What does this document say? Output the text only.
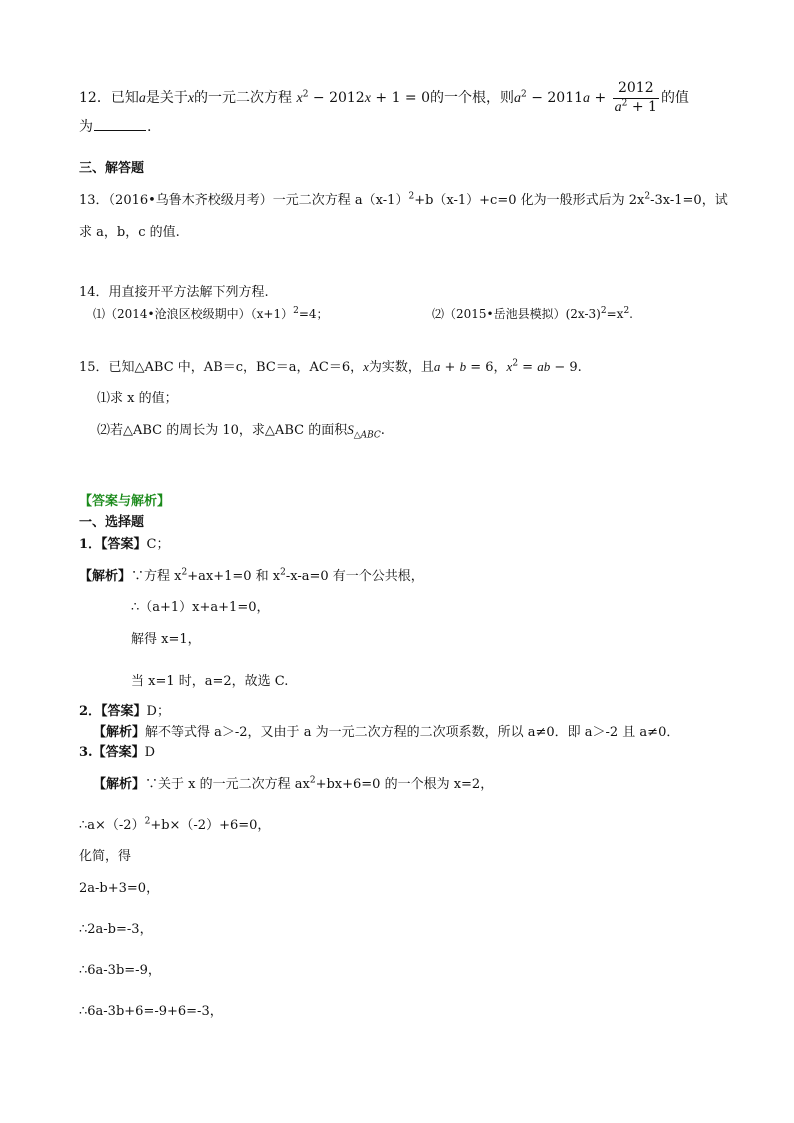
12．已知a是关于x的一元二次方程 $x^2 - 2012x + 1 = 0$的一个根，则$a^2 - 2011a + \frac{2012}{a^2 + 1}$ 的值
为	.
三、解答题
13．（2016•乌鲁木齐校级月考）一元二次方程 $a(x-1)^2+b(x-1)+c=0$ 化为一般形式后为 $2x^2-3x-1=0$，试
求 a，b，c 的值.
14．用直接开平方法解下列方程.
⑴（2014•沧浪区校级期中）$(x+1)^2=4$；	⑵（2015•岳池县模拟）$(2x-3)^2=x^2$.
15．已知△ABC 中，AB＝c，BC＝a，AC＝6，x为实数，且a + b = 6，$x^2$ = ab − 9.
⑴求 x 的值；
⑵若△ABC 的周长为 10，求△ABC 的面积$S_{\triangle ABC}$.
【答案与解析】
一、选择题
1．【答案】C；
【解析】∵方程 $x^2+ax+1=0$ 和 $x^2-x-a=0$ 有一个公共根，
∴（a+1）x+a+1=0，
解得 x=1，
当 x=1 时，a=2，故选 C.
2．【答案】D；
【解析】解不等式得 a＞-2，又由于 a 为一元二次方程的二次项系数，所以 a≠0．即 a＞-2 且 a≠0．
3.【答案】D
【解析】∵关于 x 的一元二次方程 $ax^2+bx+6=0$ 的一个根为 x=2，
$\therefore a\times(-2)^2+b\times(-2)+6=0$，
化简，得
2a-b+3=0，
∴2a-b=-3，
∴6a-3b=-9，
∴6a-3b+6=-9+6=-3，
